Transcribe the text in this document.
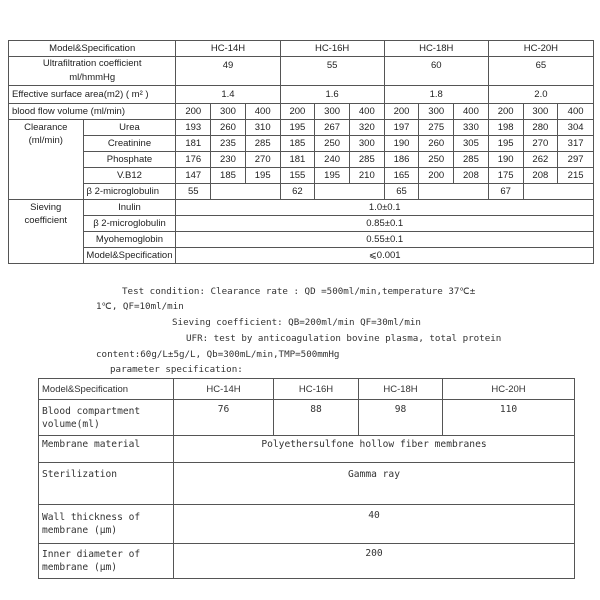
Model&Specification		HC-14H			HC-16H			HC-18H			HC-20H		

Ultrafiltration coefficient
ml/hmmHg		49			55			60			65		
Effective surface area(m2) ( m² )		1.4			1.6			1.8			2.0		
blood flow volume (ml/min)		200	300	400	200	300	400	200	300	400	200	300	400

Clearance
(ml/min)	Urea	193	260	310	195	267	320	197	275	330	198	280	304
	Creatinine	181	235	285	185	250	300	190	260	305	195	270	317
	Phosphate	176	230	270	181	240	285	186	250	285	190	262	297
	V.B12	147	185	195	155	195	210	165	200	208	175	208	215
	β 2-microglobulin	55			62			65			67		

Sieving
coefficient	Inulin	1.0±0.1											
	β 2-microglobulin	0.85±0.1											
	Myohemoglobin	0.55±0.1											
	Model&Specification	⩽0.001											
Test condition: Clearance rate : QD =500ml/min,temperature 37℃±
1℃, QF=10ml/min
Sieving coefficient: QB=200ml/min QF=30ml/min
UFR: test by anticoagulation bovine plasma, total protein
content:60g/L±5g/L, Qb=300mL/min,TMP=500mmHg
parameter specification:
Model&Specification	HC-14H	HC-16H	HC-18H	HC-20H
Blood compartment volume(ml)	76	88	98	110
Membrane material	Polyethersulfone hollow fiber membranes			
Sterilization	Gamma ray			
Wall thickness of membrane (μm)	40			
Inner diameter of membrane (μm)	200			
